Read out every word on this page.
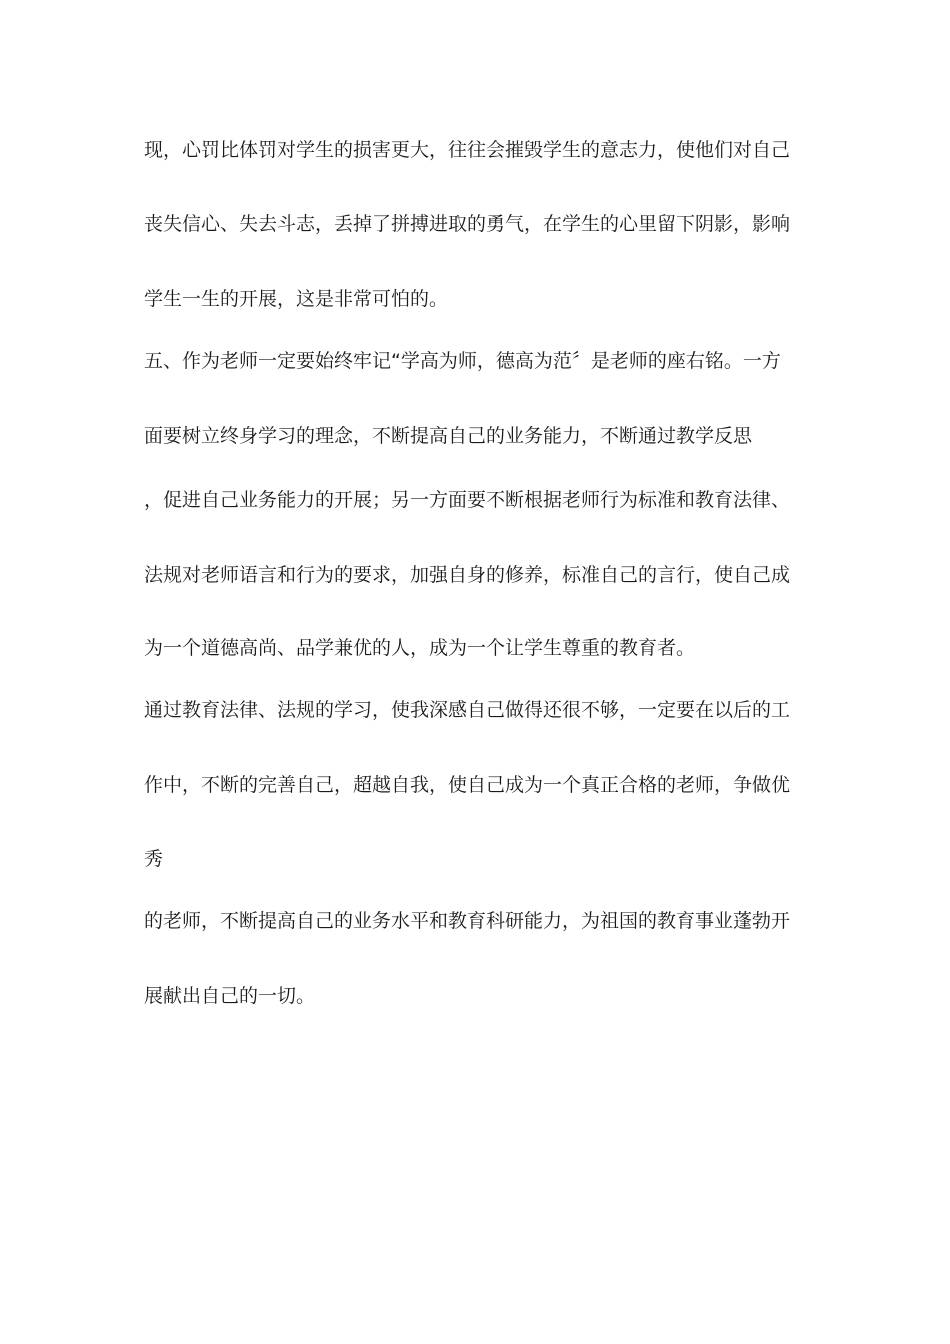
现，心罚比体罚对学生的损害更大，往往会摧毁学生的意志力，使他们对自己
丧失信心、失去斗志，丢掉了拼搏进取的勇气，在学生的心里留下阴影，影响
学生一生的开展，这是非常可怕的。
五、作为老师一定要始终牢记“学高为师，德高为范〞是老师的座右铭。一方
面要树立终身学习的理念，不断提高自己的业务能力，不断通过教学反思
，促进自己业务能力的开展；另一方面要不断根据老师行为标准和教育法律、
法规对老师语言和行为的要求，加强自身的修养，标准自己的言行，使自己成
为一个道德高尚、品学兼优的人，成为一个让学生尊重的教育者。
通过教育法律、法规的学习，使我深感自己做得还很不够，一定要在以后的工
作中，不断的完善自己，超越自我，使自己成为一个真正合格的老师，争做优
秀
的老师，不断提高自己的业务水平和教育科研能力，为祖国的教育事业蓬勃开
展献出自己的一切。
